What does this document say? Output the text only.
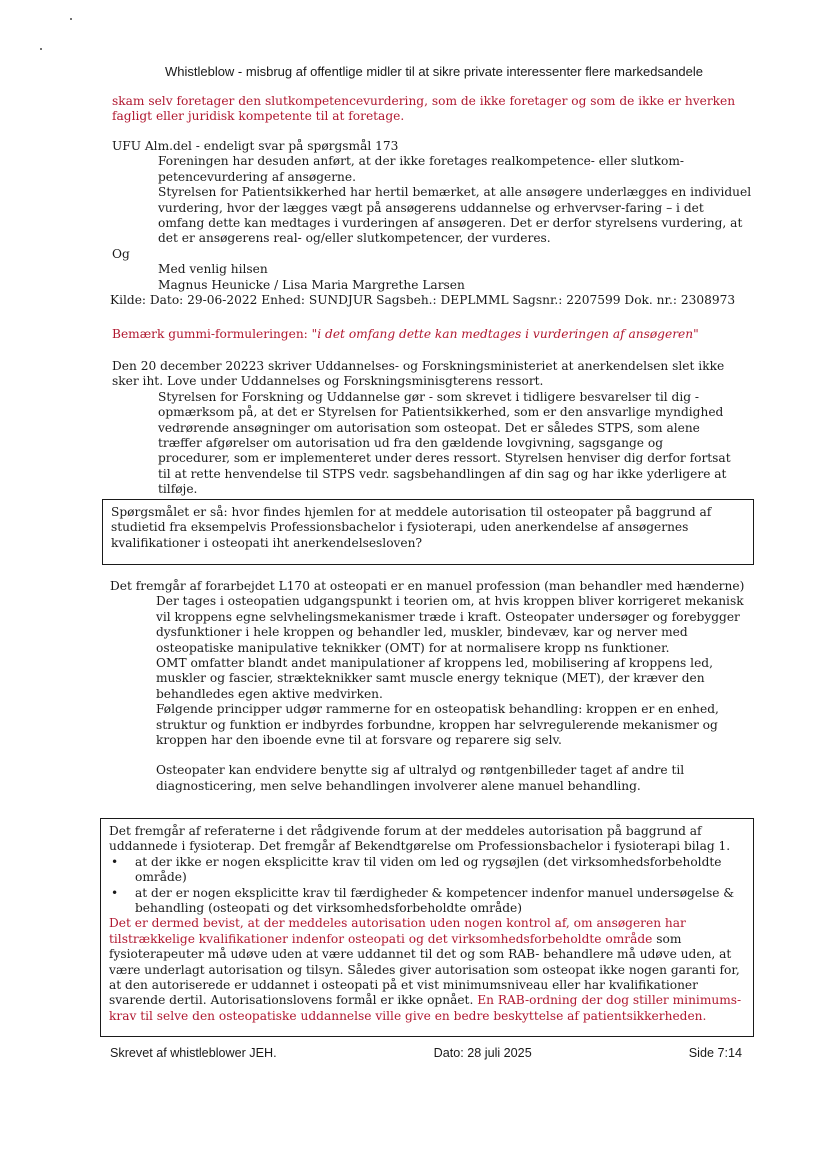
Whistleblow - misbrug af offentlige midler til at sikre private interessenter flere markedsandele

skam selv foretager den slutkompetencevurdering, som de ikke foretager og som de ikke er hverken fagligt eller juridisk kompetente til at foretage.

UFU Alm.del - endeligt svar på spørgsmål 173

Foreningen har desuden anført, at der ikke foretages realkompetence- eller slutkom-petencevurdering af ansøgerne.

Styrelsen for Patientsikkerhed har hertil bemærket, at alle ansøgere underlægges en individuel vurdering, hvor der lægges vægt på ansøgerens uddannelse og erhvervser-faring – i det omfang dette kan medtages i vurderingen af ansøgeren. Det er derfor styrelsens vurdering, at det er ansøgerens real- og/eller slutkompetencer, der vurderes.

Og

Med venlig hilsen

Magnus Heunicke / Lisa Maria Margrethe Larsen

Kilde: Dato: 29-06-2022 Enhed: SUNDJUR Sagsbeh.: DEPLMML Sagsnr.: 2207599 Dok. nr.: 2308973

Bemærk gummi-formuleringen: "i det omfang dette kan medtages i vurderingen af ansøgeren"

Den 20 december 20223 skriver Uddannelses- og Forskningsministeriet at anerkendelsen slet ikke sker iht. Love under Uddannelses og Forskningsminisgterens ressort.

Styrelsen for Forskning og Uddannelse gør - som skrevet i tidligere besvarelser til dig - opmærksom på, at det er Styrelsen for Patientsikkerhed, som er den ansvarlige myndighed vedrørende ansøgninger om autorisation som osteopat. Det er således STPS, som alene træffer afgørelser om autorisation ud fra den gældende lovgivning, sagsgange og procedurer, som er implementeret under deres ressort. Styrelsen henviser dig derfor fortsat til at rette henvendelse til STPS vedr. sagsbehandlingen af din sag og har ikke yderligere at tilføje.

Spørgsmålet er så: hvor findes hjemlen for at meddele autorisation til osteopater på baggrund af studietid fra eksempelvis Professionsbachelor i fysioterapi, uden anerkendelse af ansøgernes kvalifikationer i osteopati iht anerkendelsesloven?

Det fremgår af forarbejdet L170 at osteopati er en manuel profession (man behandler med hænderne)

Der tages i osteopatien udgangspunkt i teorien om, at hvis kroppen bliver korrigeret mekanisk vil kroppens egne selvhelingsmekanismer træde i kraft. Osteopater undersøger og forebygger dysfunktioner i hele kroppen og behandler led, muskler, bindevæv, kar og nerver med osteopatiske manipulative teknikker (OMT) for at normalisere kropp ns funktioner.

OMT omfatter blandt andet manipulationer af kroppens led, mobilisering af kroppens led, muskler og fascier, strækteknikker samt muscle energy teknique (MET), der kræver den behandledes egen aktive medvirken.

Følgende principper udgør rammerne for en osteopatisk behandling: kroppen er en enhed, struktur og funktion er indbyrdes forbundne, kroppen har selvregulerende mekanismer og kroppen har den iboende evne til at forsvare og reparere sig selv.

Osteopater kan endvidere benytte sig af ultralyd og røntgenbilleder taget af andre til diagnosticering, men selve behandlingen involverer alene manuel behandling.

Det fremgår af referaterne i det rådgivende forum at der meddeles autorisation på baggrund af uddannede i fysioterap. Det fremgår af Bekendtgørelse om Professionsbachelor i fysioterapi bilag 1.

• at der ikke er nogen eksplicitte krav til viden om led og rygsøjlen (det virksomhedsforbeholdte område)
• at der er nogen eksplicitte krav til færdigheder & kompetencer indenfor manuel undersøgelse & behandling (osteopati og det virksomhedsforbeholdte område)

Det er dermed bevist, at der meddeles autorisation uden nogen kontrol af, om ansøgeren har tilstrækkelige kvalifikationer indenfor osteopati og det virksomhedsforbeholdte område som fysioterapeuter må udøve uden at være uddannet til det og som RAB- behandlere må udøve uden, at være underlagt autorisation og tilsyn. Således giver autorisation som osteopat ikke nogen garanti for, at den autoriserede er uddannet i osteopati på et vist minimumsniveau eller har kvalifikationer svarende dertil. Autorisationslovens formål er ikke opnået. En RAB-ordning der dog stiller minimums-krav til selve den osteopatiske uddannelse ville give en bedre beskyttelse af patientsikkerheden.

Skrevet af whistleblower JEH.	Dato: 28 juli 2025	Side 7:14
